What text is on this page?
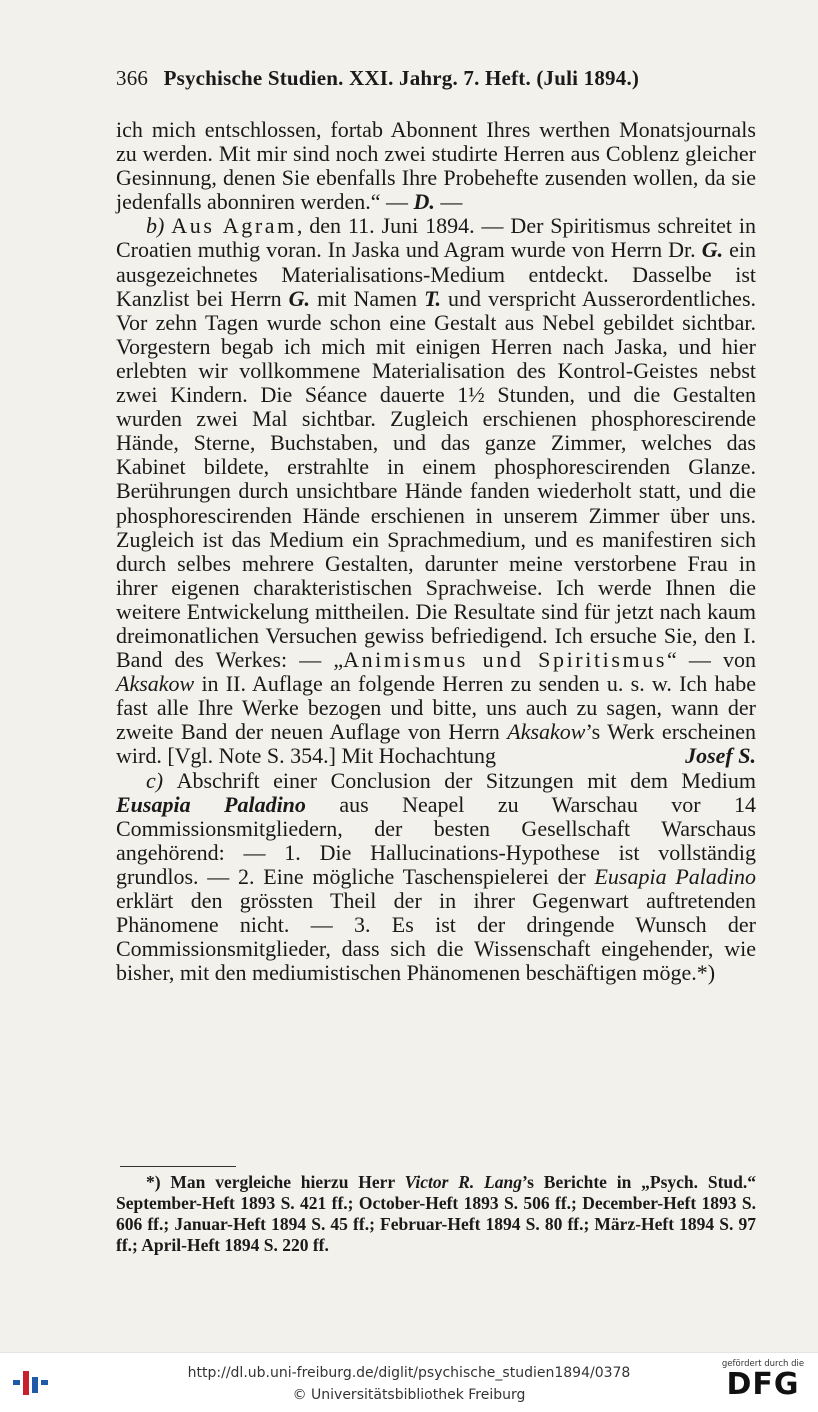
366 Psychische Studien. XXI. Jahrg. 7. Heft. (Juli 1894.)

ich mich entschlossen, fortab Abonnent Ihres werthen Monatsjournals zu werden. Mit mir sind noch zwei studirte Herren aus Coblenz gleicher Gesinnung, denen Sie ebenfalls Ihre Probehefte zusenden wollen, da sie jedenfalls abonniren werden.“ — D. —

b) Aus Agram, den 11. Juni 1894. — Der Spiritismus schreitet in Croatien muthig voran. In Jaska und Agram wurde von Herrn Dr. G. ein ausgezeichnetes Materialisations-Medium entdeckt. Dasselbe ist Kanzlist bei Herrn G. mit Namen T. und verspricht Ausserordentliches. Vor zehn Tagen wurde schon eine Gestalt aus Nebel gebildet sichtbar. Vorgestern begab ich mich mit einigen Herren nach Jaska, und hier erlebten wir vollkommene Materialisation des Kontrol-Geistes nebst zwei Kindern. Die Séance dauerte 1½ Stunden, und die Gestalten wurden zwei Mal sichtbar. Zugleich erschienen phosphorescirende Hände, Sterne, Buchstaben, und das ganze Zimmer, welches das Kabinet bildete, erstrahlte in einem phosphorescirenden Glanze. Berührungen durch unsichtbare Hände fanden wiederholt statt, und die phosphorescirenden Hände erschienen in unserem Zimmer über uns. Zugleich ist das Medium ein Sprachmedium, und es manifestiren sich durch selbes mehrere Gestalten, darunter meine verstorbene Frau in ihrer eigenen charakteristischen Sprachweise. Ich werde Ihnen die weitere Entwickelung mittheilen. Die Resultate sind für jetzt nach kaum dreimonatlichen Versuchen gewiss befriedigend. Ich ersuche Sie, den I. Band des Werkes: — „Animismus und Spiritismus“ — von Aksakow in II. Auflage an folgende Herren zu senden u. s. w. Ich habe fast alle Ihre Werke bezogen und bitte, uns auch zu sagen, wann der zweite Band der neuen Auflage von Herrn Aksakow’s Werk erscheinen wird. [Vgl. Note S. 354.] Mit Hochachtung	Josef S.

c) Abschrift einer Conclusion der Sitzungen mit dem Medium Eusapia Paladino aus Neapel zu Warschau vor 14 Commissionsmitgliedern, der besten Gesellschaft Warschaus angehörend: — 1. Die Hallucinations-Hypothese ist vollständig grundlos. — 2. Eine mögliche Taschenspielerei der Eusapia Paladino erklärt den grössten Theil der in ihrer Gegenwart auftretenden Phänomene nicht. — 3. Es ist der dringende Wunsch der Commissionsmitglieder, dass sich die Wissenschaft eingehender, wie bisher, mit den mediumistischen Phänomenen beschäftigen möge.*)

*) Man vergleiche hierzu Herr Victor R. Lang’s Berichte in „Psych. Stud.“ September-Heft 1893 S. 421 ff.; October-Heft 1893 S. 506 ff.; December-Heft 1893 S. 606 ff.; Januar-Heft 1894 S. 45 ff.; Februar-Heft 1894 S. 80 ff.; März-Heft 1894 S. 97 ff.; April-Heft 1894 S. 220 ff.
http://dl.ub.uni-freiburg.de/diglit/psychische_studien1894/0378
© Universitätsbibliothek Freiburg
gefördert durch die
DFG
